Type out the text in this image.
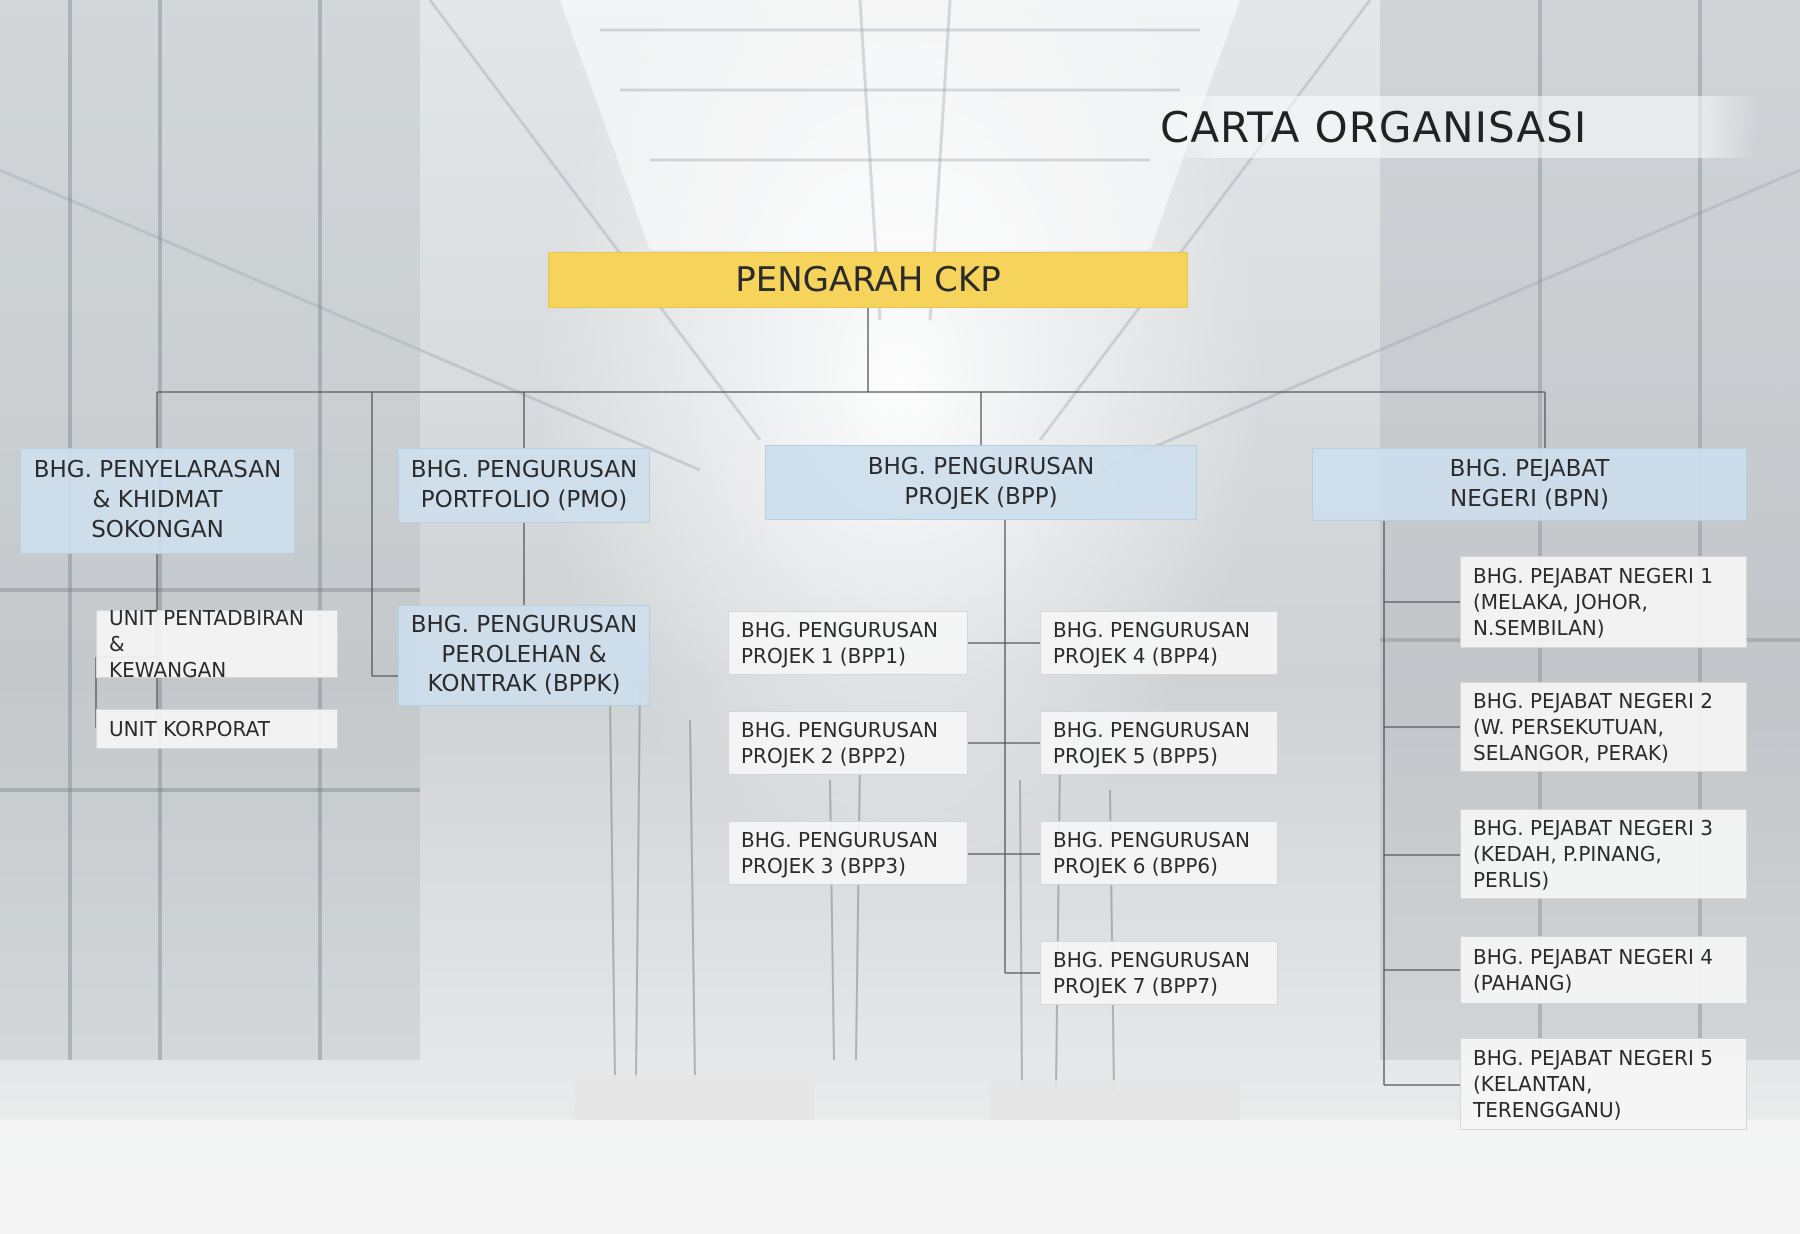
CARTA ORGANISASI
PENGARAH CKP
BHG. PENYELARASAN
& KHIDMAT
SOKONGAN
BHG. PENGURUSAN
PORTFOLIO (PMO)
BHG. PENGURUSAN
PEROLEHAN &
KONTRAK (BPPK)
BHG. PENGURUSAN
PROJEK (BPP)
BHG. PEJABAT
NEGERI (BPN)
UNIT PENTADBIRAN &
KEWANGAN
UNIT KORPORAT
BHG. PENGURUSAN
PROJEK 1 (BPP1)
BHG. PENGURUSAN
PROJEK 2 (BPP2)
BHG. PENGURUSAN
PROJEK 3 (BPP3)
BHG. PENGURUSAN
PROJEK 4 (BPP4)
BHG. PENGURUSAN
PROJEK 5 (BPP5)
BHG. PENGURUSAN
PROJEK 6 (BPP6)
BHG. PENGURUSAN
PROJEK 7 (BPP7)
BHG. PEJABAT NEGERI 1
(MELAKA, JOHOR,
N.SEMBILAN)
BHG. PEJABAT NEGERI 2
(W. PERSEKUTUAN,
SELANGOR, PERAK)
BHG. PEJABAT NEGERI 3
(KEDAH, P.PINANG,
PERLIS)
BHG. PEJABAT NEGERI 4
(PAHANG)
BHG. PEJABAT NEGERI 5
(KELANTAN,
TERENGGANU)
